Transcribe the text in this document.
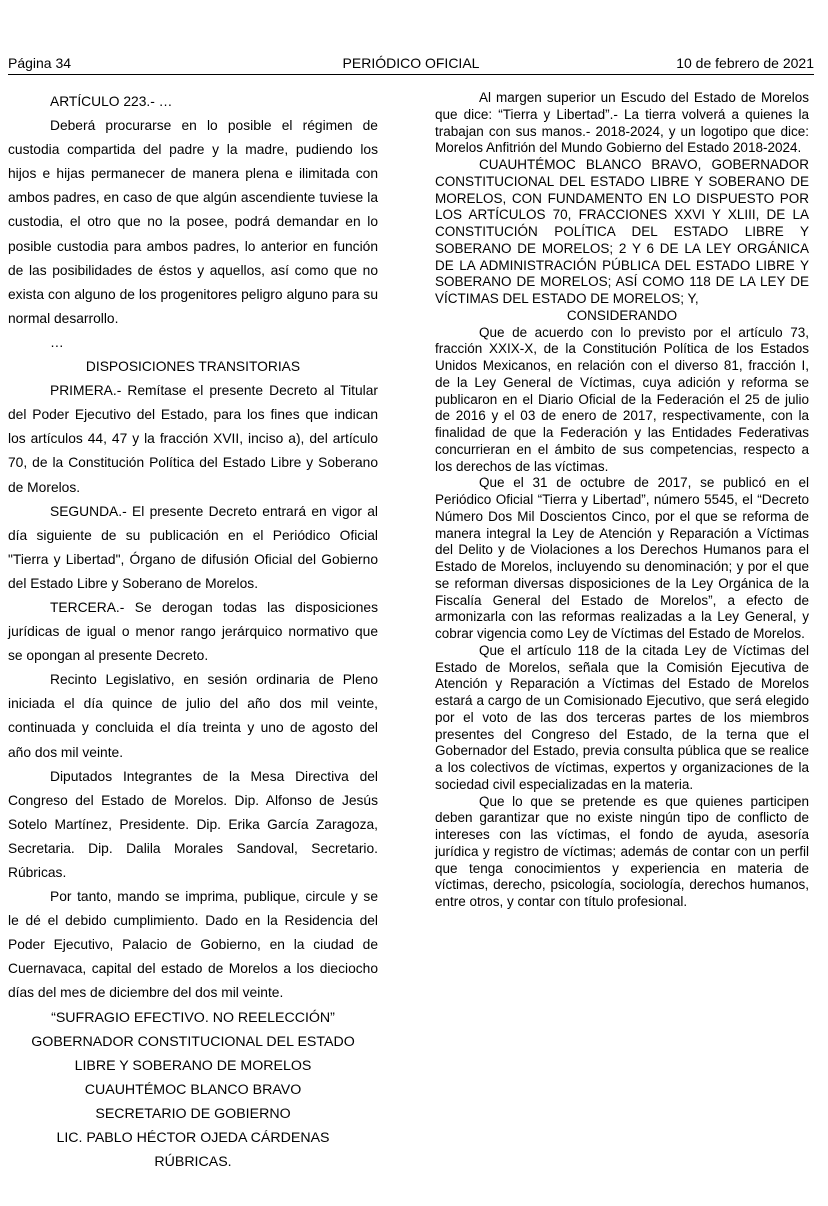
Página 34	PERIÓDICO OFICIAL	10 de febrero de 2021

ARTÍCULO 223.- …

Deberá procurarse en lo posible el régimen de custodia compartida del padre y la madre, pudiendo los hijos e hijas permanecer de manera plena e ilimitada con ambos padres, en caso de que algún ascendiente tuviese la custodia, el otro que no la posee, podrá demandar en lo posible custodia para ambos padres, lo anterior en función de las posibilidades de éstos y aquellos, así como que no exista con alguno de los progenitores peligro alguno para su normal desarrollo.

…

DISPOSICIONES TRANSITORIAS

PRIMERA.- Remítase el presente Decreto al Titular del Poder Ejecutivo del Estado, para los fines que indican los artículos 44, 47 y la fracción XVII, inciso a), del artículo 70, de la Constitución Política del Estado Libre y Soberano de Morelos.

SEGUNDA.- El presente Decreto entrará en vigor al día siguiente de su publicación en el Periódico Oficial "Tierra y Libertad", Órgano de difusión Oficial del Gobierno del Estado Libre y Soberano de Morelos.

TERCERA.- Se derogan todas las disposiciones jurídicas de igual o menor rango jerárquico normativo que se opongan al presente Decreto.

Recinto Legislativo, en sesión ordinaria de Pleno iniciada el día quince de julio del año dos mil veinte, continuada y concluida el día treinta y uno de agosto del año dos mil veinte.

Diputados Integrantes de la Mesa Directiva del Congreso del Estado de Morelos. Dip. Alfonso de Jesús Sotelo Martínez, Presidente. Dip. Erika García Zaragoza, Secretaria. Dip. Dalila Morales Sandoval, Secretario. Rúbricas.

Por tanto, mando se imprima, publique, circule y se le dé el debido cumplimiento. Dado en la Residencia del Poder Ejecutivo, Palacio de Gobierno, en la ciudad de Cuernavaca, capital del estado de Morelos a los dieciocho días del mes de diciembre del dos mil veinte.

“SUFRAGIO EFECTIVO. NO REELECCIÓN”

GOBERNADOR CONSTITUCIONAL DEL ESTADO

LIBRE Y SOBERANO DE MORELOS

CUAUHTÉMOC BLANCO BRAVO

SECRETARIO DE GOBIERNO

LIC. PABLO HÉCTOR OJEDA CÁRDENAS

RÚBRICAS.

Al margen superior un Escudo del Estado de Morelos que dice: “Tierra y Libertad”.- La tierra volverá a quienes la trabajan con sus manos.- 2018-2024, y un logotipo que dice: Morelos Anfitrión del Mundo Gobierno del Estado 2018-2024.

CUAUHTÉMOC BLANCO BRAVO, GOBERNADOR CONSTITUCIONAL DEL ESTADO LIBRE Y SOBERANO DE MORELOS, CON FUNDAMENTO EN LO DISPUESTO POR LOS ARTÍCULOS 70, FRACCIONES XXVI Y XLIII, DE LA CONSTITUCIÓN POLÍTICA DEL ESTADO LIBRE Y SOBERANO DE MORELOS; 2 Y 6 DE LA LEY ORGÁNICA DE LA ADMINISTRACIÓN PÚBLICA DEL ESTADO LIBRE Y SOBERANO DE MORELOS; ASÍ COMO 118 DE LA LEY DE VÍCTIMAS DEL ESTADO DE MORELOS; Y,

CONSIDERANDO

Que de acuerdo con lo previsto por el artículo 73, fracción XXIX-X, de la Constitución Política de los Estados Unidos Mexicanos, en relación con el diverso 81, fracción I, de la Ley General de Víctimas, cuya adición y reforma se publicaron en el Diario Oficial de la Federación el 25 de julio de 2016 y el 03 de enero de 2017, respectivamente, con la finalidad de que la Federación y las Entidades Federativas concurrieran en el ámbito de sus competencias, respecto a los derechos de las víctimas.

Que el 31 de octubre de 2017, se publicó en el Periódico Oficial “Tierra y Libertad”, número 5545, el “Decreto Número Dos Mil Doscientos Cinco, por el que se reforma de manera integral la Ley de Atención y Reparación a Víctimas del Delito y de Violaciones a los Derechos Humanos para el Estado de Morelos, incluyendo su denominación; y por el que se reforman diversas disposiciones de la Ley Orgánica de la Fiscalía General del Estado de Morelos”, a efecto de armonizarla con las reformas realizadas a la Ley General, y cobrar vigencia como Ley de Víctimas del Estado de Morelos.

Que el artículo 118 de la citada Ley de Víctimas del Estado de Morelos, señala que la Comisión Ejecutiva de Atención y Reparación a Víctimas del Estado de Morelos estará a cargo de un Comisionado Ejecutivo, que será elegido por el voto de las dos terceras partes de los miembros presentes del Congreso del Estado, de la terna que el Gobernador del Estado, previa consulta pública que se realice a los colectivos de víctimas, expertos y organizaciones de la sociedad civil especializadas en la materia.

Que lo que se pretende es que quienes participen deben garantizar que no existe ningún tipo de conflicto de intereses con las víctimas, el fondo de ayuda, asesoría jurídica y registro de víctimas; además de contar con un perfil que tenga conocimientos y experiencia en materia de víctimas, derecho, psicología, sociología, derechos humanos, entre otros, y contar con título profesional.
